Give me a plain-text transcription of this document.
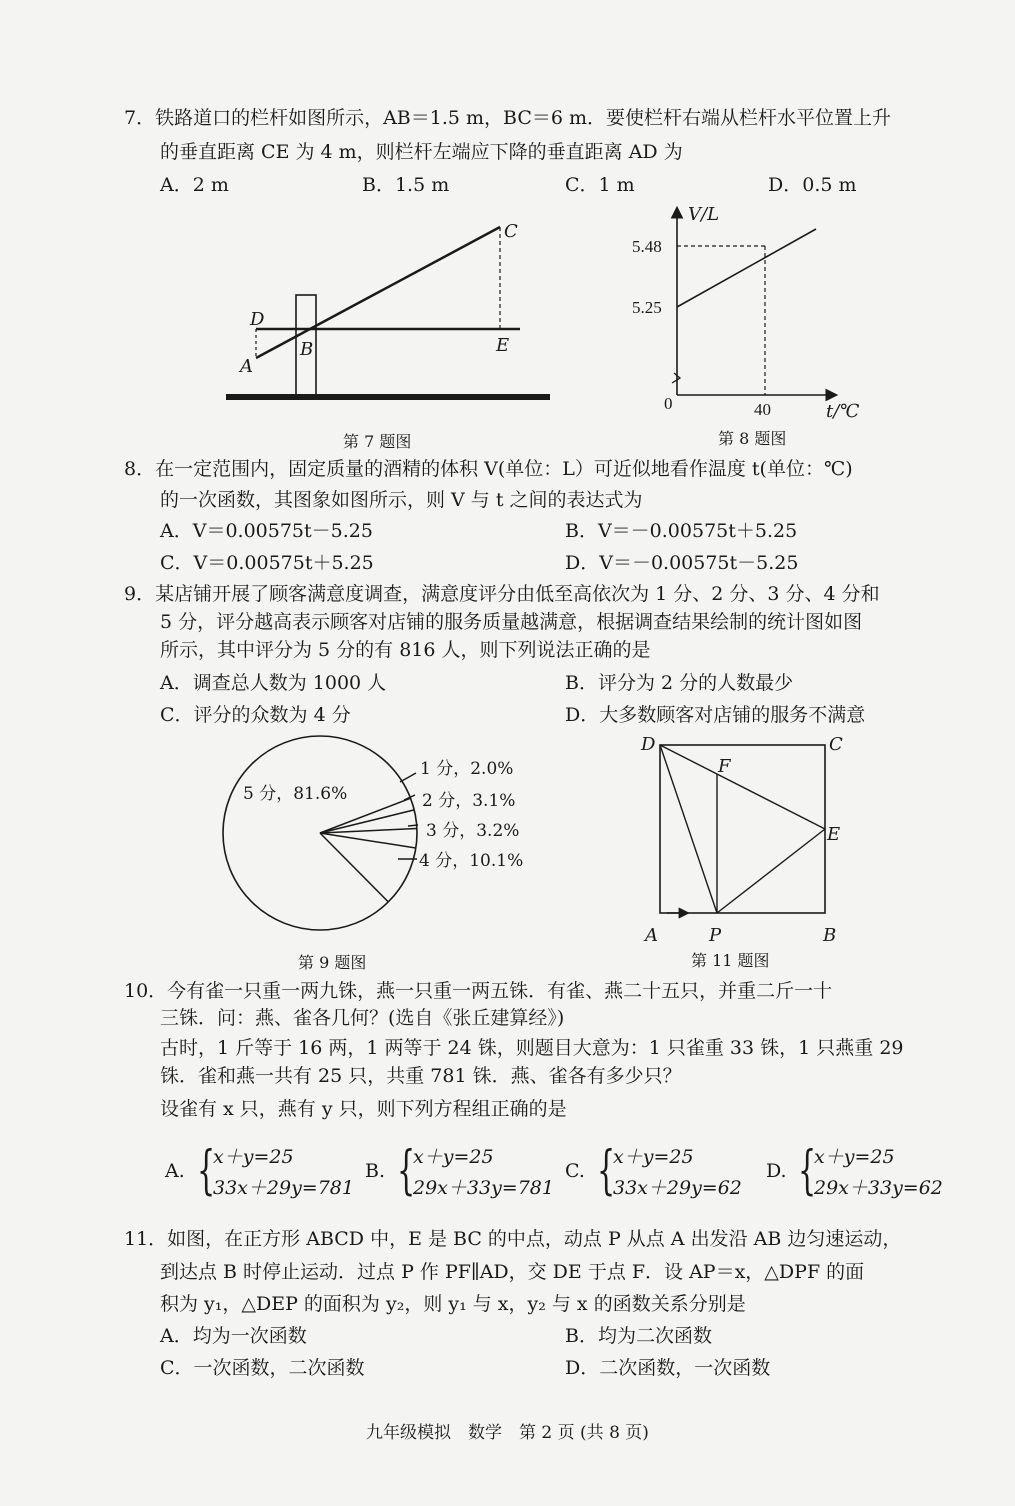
7．铁路道口的栏杆如图所示，AB＝1.5 m，BC＝6 m．要使栏杆右端从栏杆水平位置上升
的垂直距离 CE 为 4 m，则栏杆左端应下降的垂直距离 AD 为
A．2 m	B．1.5 m	C．1 m	D．0.5 m
C
D
B
A
E
第 7 题图
5.48
5.25
40
0
V/L
t/℃
第 8 题图
8．在一定范围内，固定质量的酒精的体积 V(单位：L）可近似地看作温度 t(单位：℃)
的一次函数，其图象如图所示，则 V 与 t 之间的表达式为
A．V＝0.00575t－5.25	B．V＝－0.00575t＋5.25
C．V＝0.00575t＋5.25	D．V＝－0.00575t－5.25
9．某店铺开展了顾客满意度调查，满意度评分由低至高依次为 1 分、2 分、3 分、4 分和
5 分，评分越高表示顾客对店铺的服务质量越满意，根据调查结果绘制的统计图如图
所示，其中评分为 5 分的有 816 人，则下列说法正确的是
A．调查总人数为 1000 人	B．评分为 2 分的人数最少
C．评分的众数为 4 分	D．大多数顾客对店铺的服务不满意
5 分，81.6%
1 分，2.0%
2 分，3.1%
3 分，3.2%
4 分，10.1%
第 9 题图
D	C
F
E
A	P	B
第 11 题图
10．今有雀一只重一两九铢，燕一只重一两五铢．有雀、燕二十五只，并重二斤一十
三铢．问：燕、雀各几何？(选自《张丘建算经》)
古时，1 斤等于 16 两，1 两等于 24 铢，则题目大意为：1 只雀重 33 铢，1 只燕重 29
铢．雀和燕一共有 25 只，共重 781 铢．燕、雀各有多少只？
设雀有 x 只，燕有 y 只，则下列方程组正确的是
A. {
x＋y=25
33x＋29y=781
B. {
x＋y=25
29x＋33y=781
C. {
x＋y=25
33x＋29y=62
D. {
x＋y=25
29x＋33y=62
11．如图，在正方形 ABCD 中，E 是 BC 的中点，动点 P 从点 A 出发沿 AB 边匀速运动，
到达点 B 时停止运动．过点 P 作 PF∥AD，交 DE 于点 F．设 AP＝x，△DPF 的面
积为 y₁，△DEP 的面积为 y₂，则 y₁ 与 x，y₂ 与 x 的函数关系分别是
A．均为一次函数	B．均为二次函数
C．一次函数，二次函数	D．二次函数，一次函数
九年级模拟　数学　第 2 页 (共 8 页)
